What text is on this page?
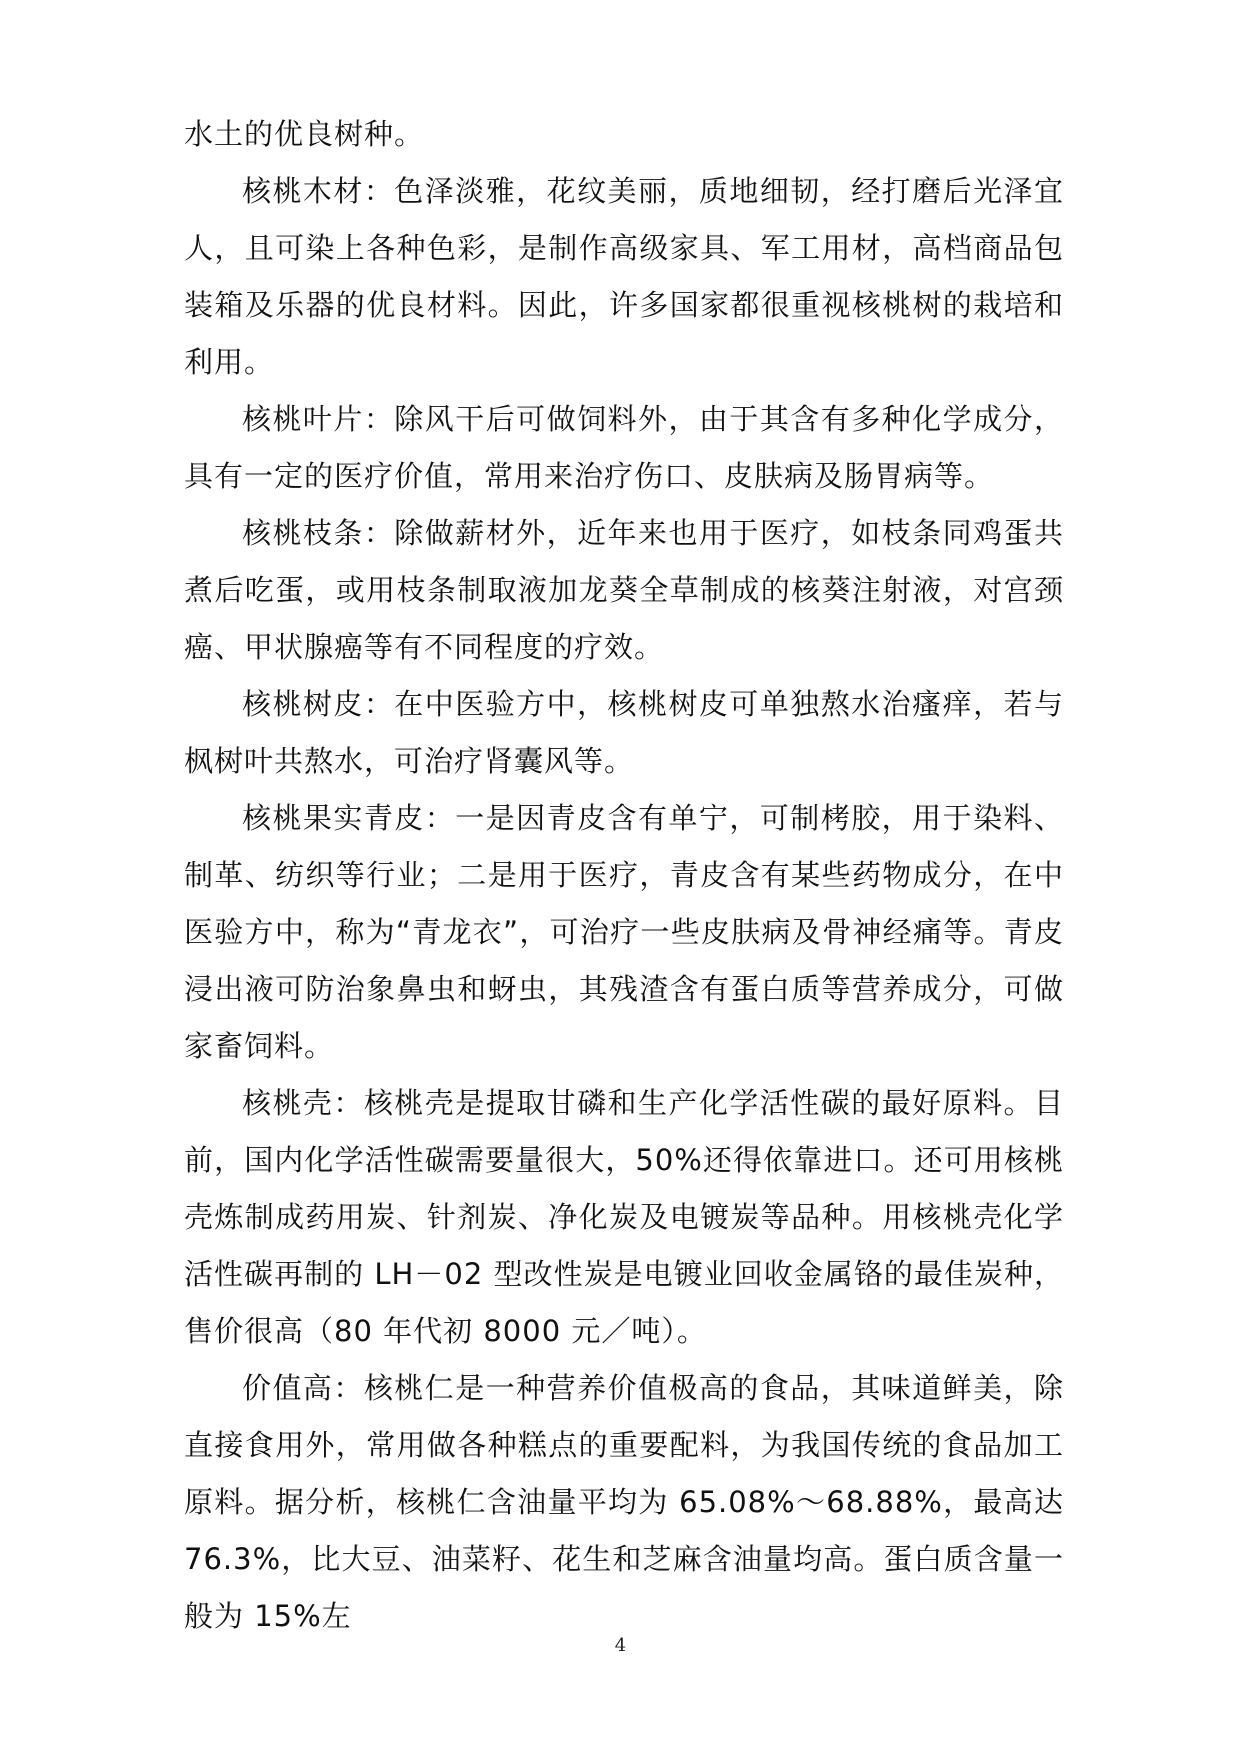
水土的优良树种。

核桃木材：色泽淡雅，花纹美丽，质地细韧，经打磨后光泽宜人，且可染上各种色彩，是制作高级家具、军工用材，高档商品包装箱及乐器的优良材料。因此，许多国家都很重视核桃树的栽培和利用。

核桃叶片：除风干后可做饲料外，由于其含有多种化学成分，具有一定的医疗价值，常用来治疗伤口、皮肤病及肠胃病等。

核桃枝条：除做薪材外，近年来也用于医疗，如枝条同鸡蛋共煮后吃蛋，或用枝条制取液加龙葵全草制成的核葵注射液，对宫颈癌、甲状腺癌等有不同程度的疗效。

核桃树皮：在中医验方中，核桃树皮可单独熬水治瘙痒，若与枫树叶共熬水，可治疗肾囊风等。

核桃果实青皮：一是因青皮含有单宁，可制栲胶，用于染料、制革、纺织等行业；二是用于医疗，青皮含有某些药物成分，在中医验方中，称为“青龙衣”，可治疗一些皮肤病及骨神经痛等。青皮浸出液可防治象鼻虫和蚜虫，其残渣含有蛋白质等营养成分，可做家畜饲料。

核桃壳：核桃壳是提取甘磷和生产化学活性碳的最好原料。目前，国内化学活性碳需要量很大，50%还得依靠进口。还可用核桃壳炼制成药用炭、针剂炭、净化炭及电镀炭等品种。用核桃壳化学活性碳再制的 LH－02 型改性炭是电镀业回收金属铬的最佳炭种，售价很高（80 年代初 8000 元／吨）。

价值高：核桃仁是一种营养价值极高的食品，其味道鲜美，除直接食用外，常用做各种糕点的重要配料，为我国传统的食品加工原料。据分析，核桃仁含油量平均为 65.08%～68.88%，最高达 76.3%，比大豆、油菜籽、花生和芝麻含油量均高。蛋白质含量一般为 15%左

4
